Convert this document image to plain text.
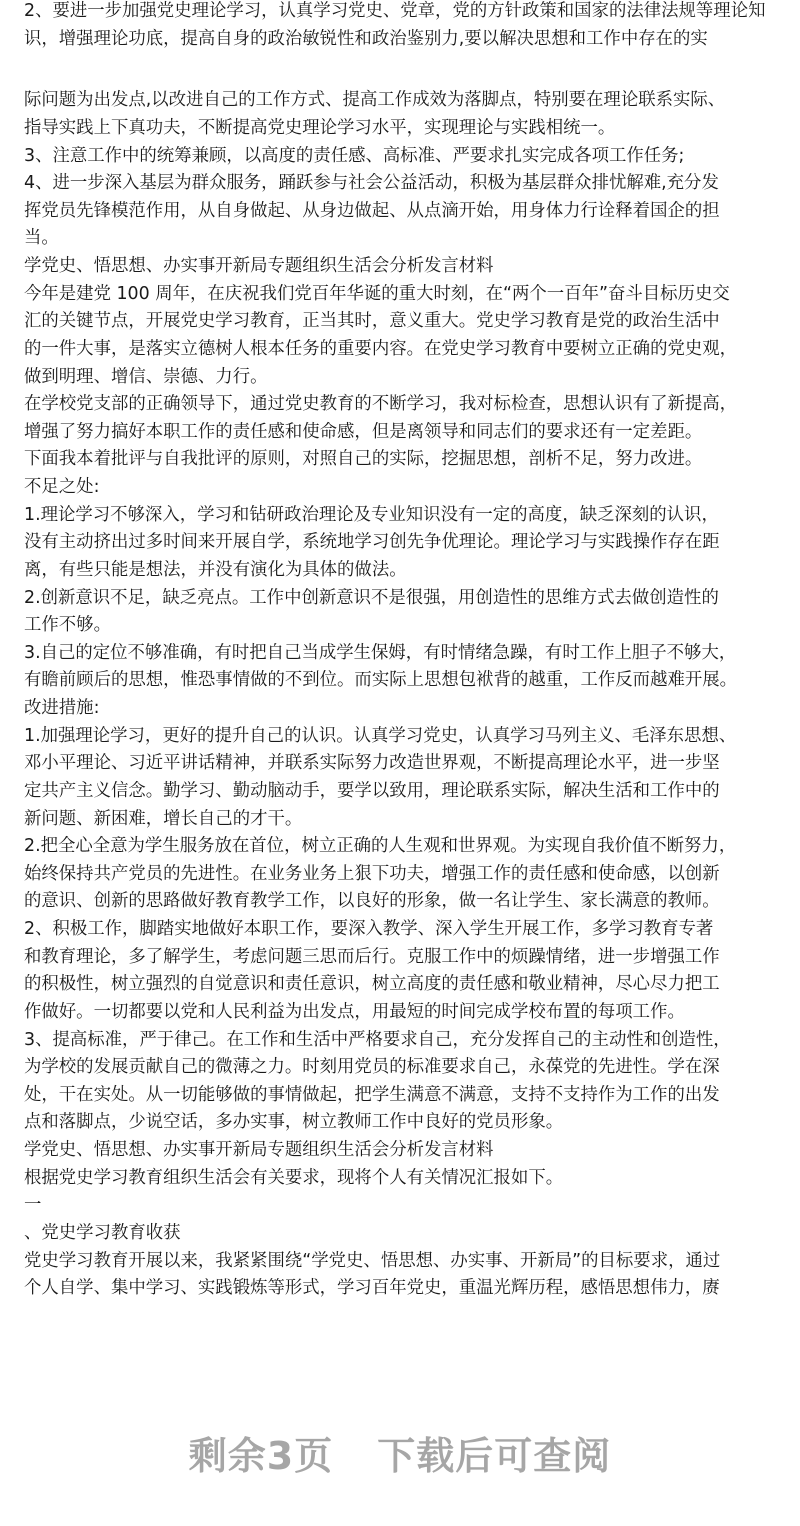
2、要进一步加强党史理论学习，认真学习党史、党章，党的方针政策和国家的法律法规等理论知
识，增强理论功底，提高自身的政治敏锐性和政治鉴别力,要以解决思想和工作中存在的实
际问题为出发点,以改进自己的工作方式、提高工作成效为落脚点，特别要在理论联系实际、
指导实践上下真功夫，不断提高党史理论学习水平，实现理论与实践相统一。
3、注意工作中的统筹兼顾，以高度的责任感、高标准、严要求扎实完成各项工作任务;
4、进一步深入基层为群众服务，踊跃参与社会公益活动，积极为基层群众排忧解难,充分发
挥党员先锋模范作用，从自身做起、从身边做起、从点滴开始，用身体力行诠释着国企的担
当。
学党史、悟思想、办实事开新局专题组织生活会分析发言材料
今年是建党 100 周年，在庆祝我们党百年华诞的重大时刻，在“两个一百年”奋斗目标历史交
汇的关键节点，开展党史学习教育，正当其时，意义重大。党史学习教育是党的政治生活中
的一件大事，是落实立德树人根本任务的重要内容。在党史学习教育中要树立正确的党史观，
做到明理、增信、崇德、力行。
在学校党支部的正确领导下，通过党史教育的不断学习，我对标检查，思想认识有了新提高，
增强了努力搞好本职工作的责任感和使命感，但是离领导和同志们的要求还有一定差距。
下面我本着批评与自我批评的原则，对照自己的实际，挖掘思想，剖析不足，努力改进。
不足之处:
1.理论学习不够深入，学习和钻研政治理论及专业知识没有一定的高度，缺乏深刻的认识，
没有主动挤出过多时间来开展自学，系统地学习创先争优理论。理论学习与实践操作存在距
离，有些只能是想法，并没有演化为具体的做法。
2.创新意识不足，缺乏亮点。工作中创新意识不是很强，用创造性的思维方式去做创造性的
工作不够。
3.自己的定位不够准确，有时把自己当成学生保姆，有时情绪急躁，有时工作上胆子不够大，
有瞻前顾后的思想，惟恐事情做的不到位。而实际上思想包袱背的越重，工作反而越难开展。
改进措施:
1.加强理论学习，更好的提升自己的认识。认真学习党史，认真学习马列主义、毛泽东思想、
邓小平理论、习近平讲话精神，并联系实际努力改造世界观，不断提高理论水平，进一步坚
定共产主义信念。勤学习、勤动脑动手，要学以致用，理论联系实际，解决生活和工作中的
新问题、新困难，增长自己的才干。
2.把全心全意为学生服务放在首位，树立正确的人生观和世界观。为实现自我价值不断努力，
始终保持共产党员的先进性。在业务业务上狠下功夫，增强工作的责任感和使命感，以创新
的意识、创新的思路做好教育教学工作，以良好的形象，做一名让学生、家长满意的教师。
2、积极工作，脚踏实地做好本职工作，要深入教学、深入学生开展工作，多学习教育专著
和教育理论，多了解学生，考虑问题三思而后行。克服工作中的烦躁情绪，进一步增强工作
的积极性，树立强烈的自觉意识和责任意识，树立高度的责任感和敬业精神，尽心尽力把工
作做好。一切都要以党和人民利益为出发点，用最短的时间完成学校布置的每项工作。
3、提高标准，严于律己。在工作和生活中严格要求自己，充分发挥自己的主动性和创造性，
为学校的发展贡献自己的微薄之力。时刻用党员的标准要求自己，永葆党的先进性。学在深
处，干在实处。从一切能够做的事情做起，把学生满意不满意，支持不支持作为工作的出发
点和落脚点，少说空话，多办实事，树立教师工作中良好的党员形象。
学党史、悟思想、办实事开新局专题组织生活会分析发言材料
根据党史学习教育组织生活会有关要求，现将个人有关情况汇报如下。
一
、党史学习教育收获
党史学习教育开展以来，我紧紧围绕“学党史、悟思想、办实事、开新局”的目标要求，通过
个人自学、集中学习、实践锻炼等形式，学习百年党史，重温光辉历程，感悟思想伟力，赓
剩余3页 下载后可查阅
